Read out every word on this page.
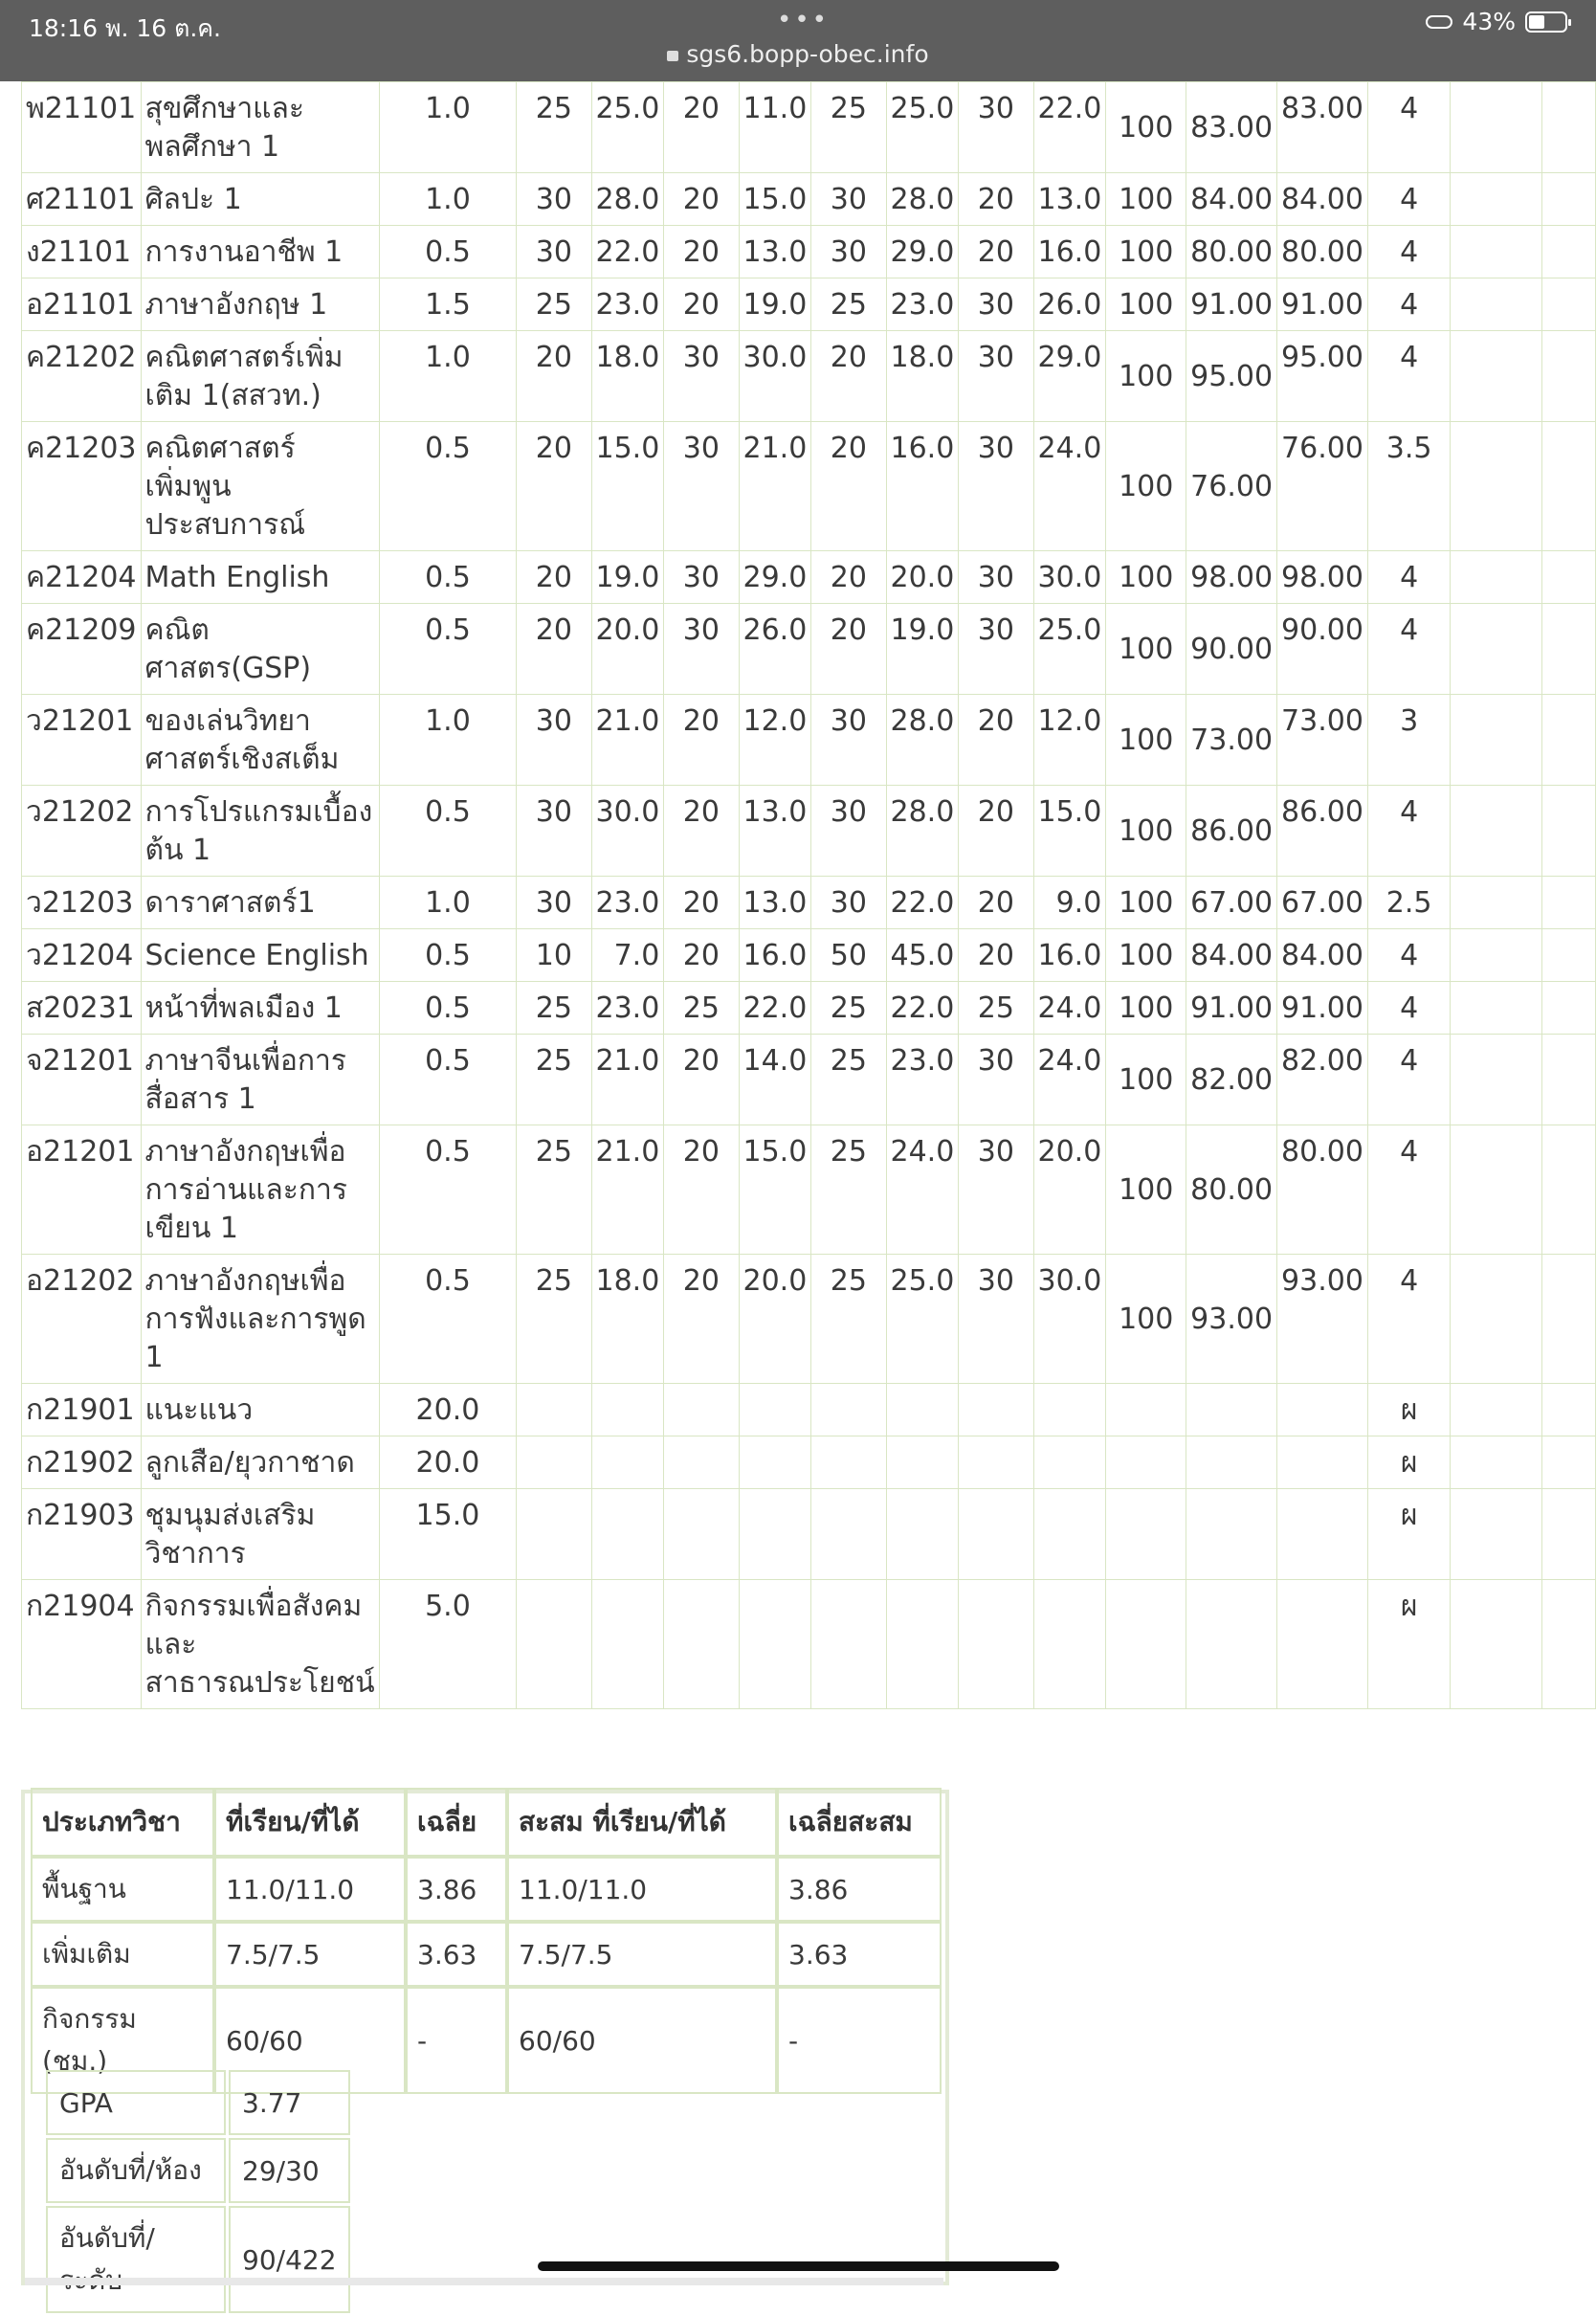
18:16 พ. 16 ต.ค.	•••
sgs6.bopp-obec.info
43%
พ21101	สุขศึกษาและพลศึกษา 1	1.0	25	25.0	20	11.0	25	25.0	30	22.0	100	83.00	83.00	4		
ศ21101	ศิลปะ 1	1.0	30	28.0	20	15.0	30	28.0	20	13.0	100	84.00	84.00	4		
ง21101	การงานอาชีพ 1	0.5	30	22.0	20	13.0	30	29.0	20	16.0	100	80.00	80.00	4		
อ21101	ภาษาอังกฤษ 1	1.5	25	23.0	20	19.0	25	23.0	30	26.0	100	91.00	91.00	4		
ค21202	คณิตศาสตร์เพิ่มเติม 1(สสวท.)	1.0	20	18.0	30	30.0	20	18.0	30	29.0	100	95.00	95.00	4		
ค21203	คณิตศาสตร์เพิ่มพูนประสบการณ์	0.5	20	15.0	30	21.0	20	16.0	30	24.0	100	76.00	76.00	3.5		
ค21204	Math English	0.5	20	19.0	30	29.0	20	20.0	30	30.0	100	98.00	98.00	4		
ค21209	คณิตศาสตร(GSP)	0.5	20	20.0	30	26.0	20	19.0	30	25.0	100	90.00	90.00	4		
ว21201	ของเล่นวิทยาศาสตร์เชิงสเต็ม	1.0	30	21.0	20	12.0	30	28.0	20	12.0	100	73.00	73.00	3		
ว21202	การโปรแกรมเบื้องต้น 1	0.5	30	30.0	20	13.0	30	28.0	20	15.0	100	86.00	86.00	4		
ว21203	ดาราศาสตร์1	1.0	30	23.0	20	13.0	30	22.0	20	9.0	100	67.00	67.00	2.5		
ว21204	Science English	0.5	10	7.0	20	16.0	50	45.0	20	16.0	100	84.00	84.00	4		
ส20231	หน้าที่พลเมือง 1	0.5	25	23.0	25	22.0	25	22.0	25	24.0	100	91.00	91.00	4		
จ21201	ภาษาจีนเพื่อการสื่อสาร 1	0.5	25	21.0	20	14.0	25	23.0	30	24.0	100	82.00	82.00	4		
อ21201	ภาษาอังกฤษเพื่อการอ่านและการเขียน 1	0.5	25	21.0	20	15.0	25	24.0	30	20.0	100	80.00	80.00	4		
อ21202	ภาษาอังกฤษเพื่อการฟังและการพูด 1	0.5	25	18.0	20	20.0	25	25.0	30	30.0	100	93.00	93.00	4		
ก21901	แนะแนว	20.0												ผ		
ก21902	ลูกเสือ/ยุวกาชาด	20.0												ผ		
ก21903	ชุมนุมส่งเสริมวิชาการ	15.0												ผ		
ก21904	กิจกรรมเพื่อสังคมและสาธารณประโยชน์	5.0												ผ		
ประเภทวิชา	ที่เรียน/ที่ได้	เฉลี่ย	สะสม ที่เรียน/ที่ได้	เฉลี่ยสะสม
พื้นฐาน	11.0/11.0	3.86	11.0/11.0	3.86
เพิ่มเติม	7.5/7.5	3.63	7.5/7.5	3.63
กิจกรรม (ชม.)	60/60	-	60/60	-
GPA	3.77
อันดับที่/ห้อง	29/30
อันดับที่/	90/422
